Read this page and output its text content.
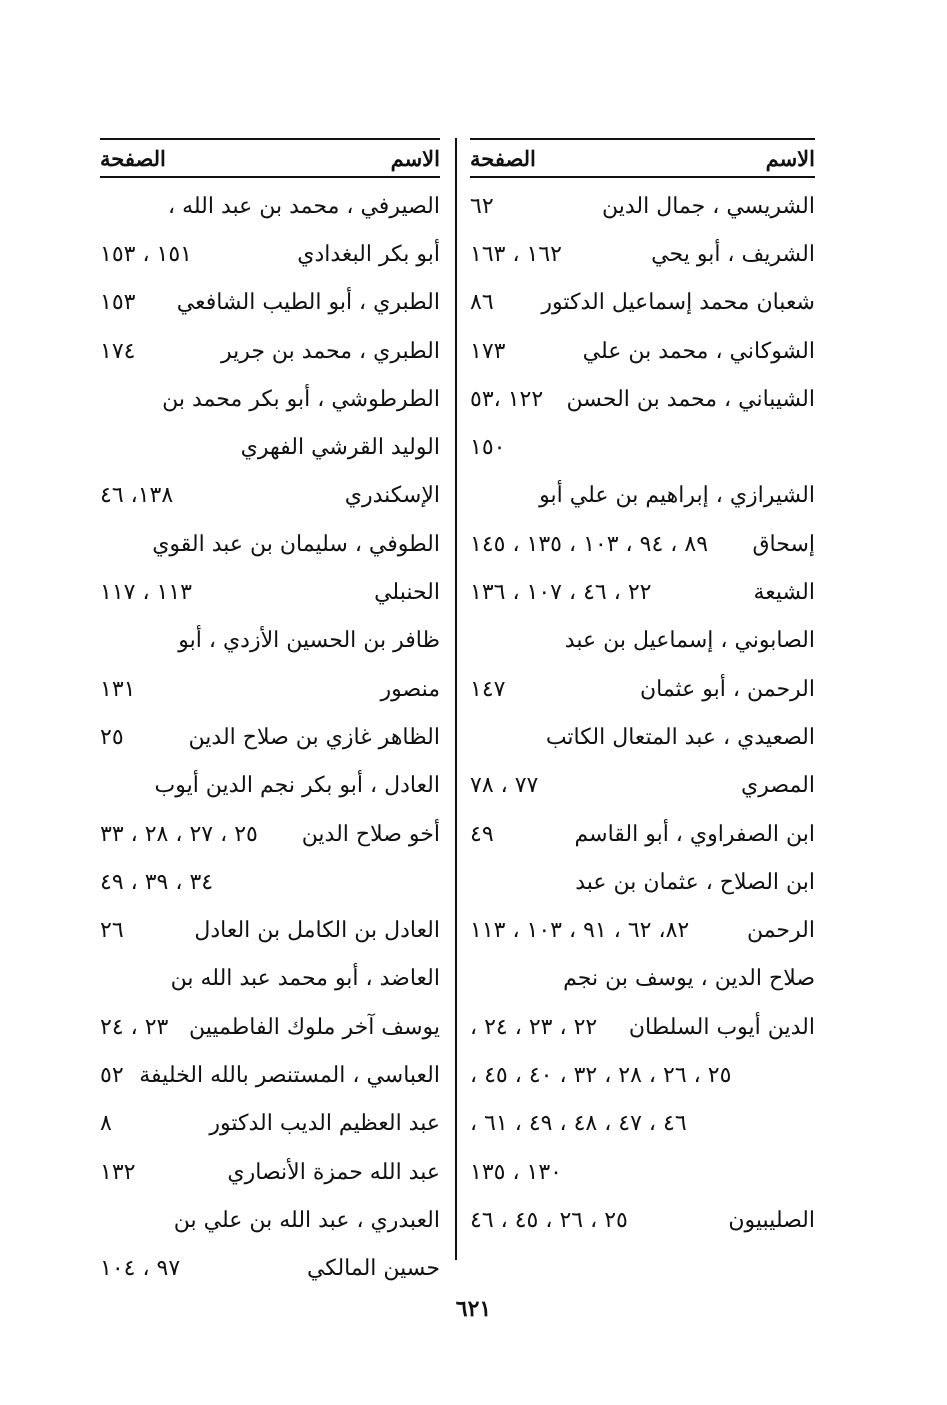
الاسم
الصفحة
الشريسي ، جمال الدين
٦٢
الشريف ، أبو يحي
١٦٢ ، ١٦٣
شعبان محمد إسماعيل الدكتور
٨٦
الشوكاني ، محمد بن علي
١٧٣
الشيباني ، محمد بن الحسن
١٢٢ ،٥٣
١٥٠
الشيرازي ، إبراهيم بن علي أبو
إسحاق
٨٩ ، ٩٤ ، ١٠٣ ، ١٣٥ ، ١٤٥
الشيعة
٢٢ ، ٤٦ ، ١٠٧ ، ١٣٦
الصابوني ، إسماعيل بن عبد
الرحمن ، أبو عثمان
١٤٧
الصعيدي ، عبد المتعال الكاتب
المصري
٧٧ ، ٧٨
ابن الصفراوي ، أبو القاسم
٤٩
ابن الصلاح ، عثمان بن عبد
الرحمن
٨٢، ٦٢ ، ٩١ ، ١٠٣ ، ١١٣
صلاح الدين ، يوسف بن نجم
الدين أيوب السلطان
٢٢ ، ٢٣ ، ٢٤ ،
٢٥ ، ٢٦ ، ٢٨ ، ٣٢ ، ٤٠ ، ٤٥ ،
٤٦ ، ٤٧ ، ٤٨ ، ٤٩ ، ٦١ ،
١٣٠ ، ١٣٥
الصليبيون
٢٥ ، ٢٦ ، ٤٥ ، ٤٦
الاسم
الصفحة
الصيرفي ، محمد بن عبد الله ،
أبو بكر البغدادي
١٥١ ، ١٥٣
الطبري ، أبو الطيب الشافعي
١٥٣
الطبري ، محمد بن جرير
١٧٤
الطرطوشي ، أبو بكر محمد بن
الوليد القرشي الفهري
الإسكندري
١٣٨، ٤٦
الطوفي ، سليمان بن عبد القوي
الحنبلي
١١٣ ، ١١٧
ظافر بن الحسين الأزدي ، أبو
منصور
١٣١
الظاهر غازي بن صلاح الدين
٢٥
العادل ، أبو بكر نجم الدين أيوب
أخو صلاح الدين
٢٥ ، ٢٧ ، ٢٨ ، ٣٣
٣٤ ، ٣٩ ، ٤٩
العادل بن الكامل بن العادل
٢٦
العاضد ، أبو محمد عبد الله بن
يوسف آخر ملوك الفاطميين
٢٣ ، ٢٤
العباسي ، المستنصر بالله الخليفة
٥٢
عبد العظيم الديب الدكتور
٨
عبد الله حمزة الأنصاري
١٣٢
العبدري ، عبد الله بن علي بن
حسين المالكي
٩٧ ، ١٠٤
٦٢١
